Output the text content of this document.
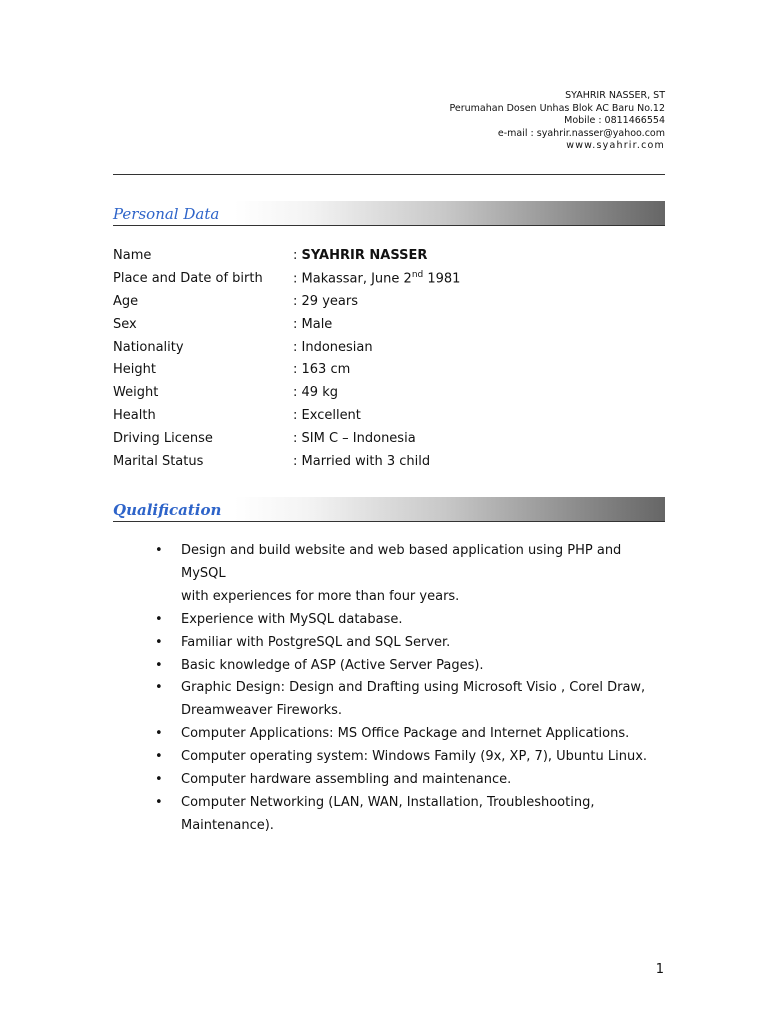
SYAHRIR NASSER, ST
Perumahan Dosen Unhas Blok AC Baru No.12
Mobile : 0811466554
e-mail : syahrir.nasser@yahoo.com
www.syahrir.com
Personal Data
Name	: SYAHRIR NASSER
Place and Date of birth	: Makassar, June 2nd 1981
Age	: 29 years
Sex	: Male
Nationality	: Indonesian
Height	: 163 cm
Weight	: 49 kg
Health	: Excellent
Driving License	: SIM C – Indonesia
Marital Status	: Married with 3 child
Qualification
• Design and build website and web based application using PHP and MySQL
with experiences for more than four years.
• Experience with MySQL database.
• Familiar with PostgreSQL and SQL Server.
• Basic knowledge of ASP (Active Server Pages).
• Graphic Design: Design and Drafting using Microsoft Visio , Corel Draw,
Dreamweaver Fireworks.
• Computer Applications: MS Office Package and Internet Applications.
• Computer operating system: Windows Family (9x, XP, 7), Ubuntu Linux.
• Computer hardware assembling and maintenance.
• Computer Networking (LAN, WAN, Installation, Troubleshooting,
Maintenance).
1
